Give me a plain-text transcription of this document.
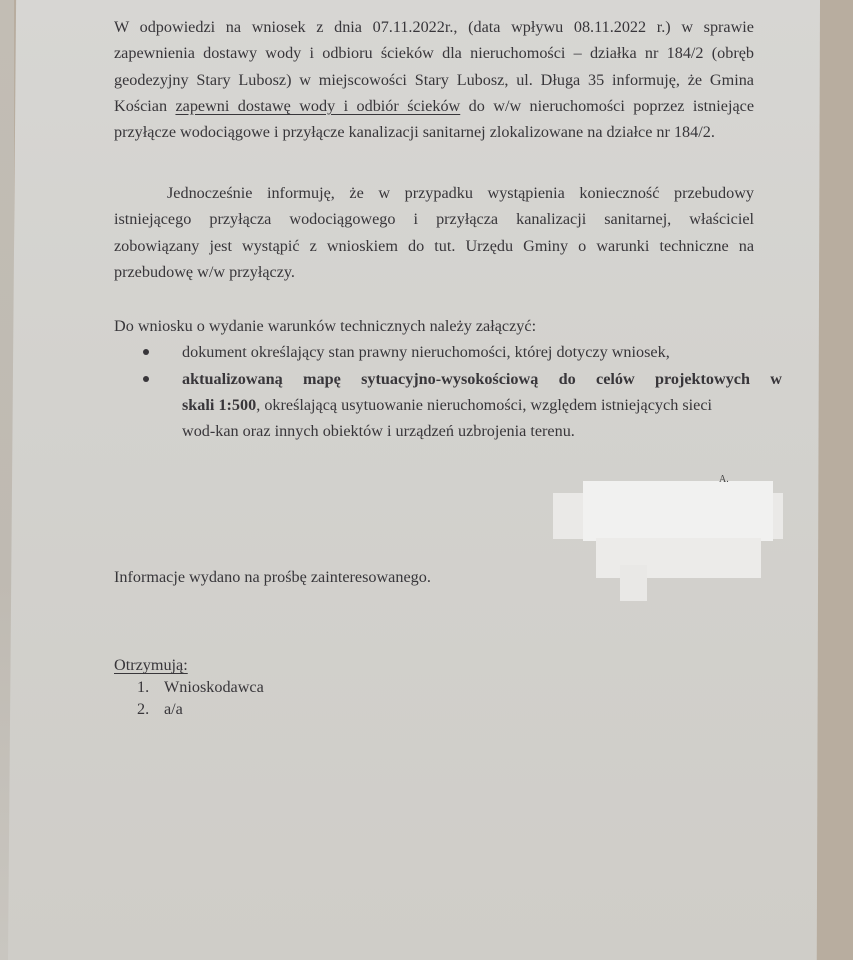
W odpowiedzi na wniosek z dnia 07.11.2022r., (data wpływu 08.11.2022 r.) w sprawie
zapewnienia dostawy wody i odbioru ścieków dla nieruchomości – działka nr 184/2 (obręb
geodezyjny Stary Lubosz) w miejscowości Stary Lubosz, ul. Długa 35 informuję, że Gmina
Kościan zapewni dostawę wody i odbiór ścieków do w/w nieruchomości poprzez istniejące
przyłącze wodociągowe i przyłącze kanalizacji sanitarnej zlokalizowane na działce nr 184/2.
Jednocześnie informuję, że w przypadku wystąpienia konieczność przebudowy
istniejącego przyłącza wodociągowego i przyłącza kanalizacji sanitarnej, właściciel
zobowiązany jest wystąpić z wnioskiem do tut. Urzędu Gminy o warunki techniczne na
przebudowę w/w przyłączy.
Do wniosku o wydanie warunków technicznych należy załączyć:
dokument określający stan prawny nieruchomości, której dotyczy wniosek,
aktualizowaną mapę sytuacyjno-wysokościową do celów projektowych w
skali 1:500, określającą usytuowanie nieruchomości, względem istniejących sieci
wod-kan oraz innych obiektów i urządzeń uzbrojenia terenu.
A.
Informacje wydano na prośbę zainteresowanego.
Otrzymują:
1. Wnioskodawca
2. a/a
